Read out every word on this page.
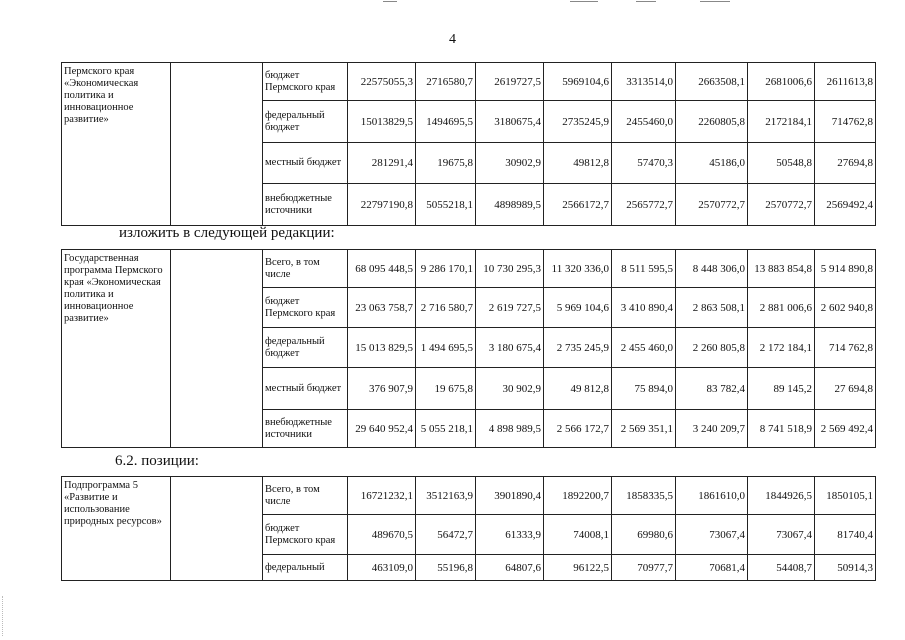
4
Пермского края «Экономическая политика и инновационное развитие»		бюджет Пермского края	22575055,3	2716580,7	2619727,5	5969104,6	3313514,0	2663508,1	2681006,6	2611613,8
		федеральный бюджет	15013829,5	1494695,5	3180675,4	2735245,9	2455460,0	2260805,8	2172184,1	714762,8
		местный бюджет	281291,4	19675,8	30902,9	49812,8	57470,3	45186,0	50548,8	27694,8
		внебюджетные источники	22797190,8	5055218,1	4898989,5	2566172,7	2565772,7	2570772,7	2570772,7	2569492,4
изложить в следующей редакции:
Государственная программа Пермского края «Экономическая политика и инновационное развитие»		Всего, в том числе	68 095 448,5	9 286 170,1	10 730 295,3	11 320 336,0	8 511 595,5	8 448 306,0	13 883 854,8	5 914 890,8
		бюджет Пермского края	23 063 758,7	2 716 580,7	2 619 727,5	5 969 104,6	3 410 890,4	2 863 508,1	2 881 006,6	2 602 940,8
		федеральный бюджет	15 013 829,5	1 494 695,5	3 180 675,4	2 735 245,9	2 455 460,0	2 260 805,8	2 172 184,1	714 762,8
		местный бюджет	376 907,9	19 675,8	30 902,9	49 812,8	75 894,0	83 782,4	89 145,2	27 694,8
		внебюджетные источники	29 640 952,4	5 055 218,1	4 898 989,5	2 566 172,7	2 569 351,1	3 240 209,7	8 741 518,9	2 569 492,4
6.2. позиции:
Подпрограмма 5 «Развитие и использование природных ресурсов»		Всего, в том числе	16721232,1	3512163,9	3901890,4	1892200,7	1858335,5	1861610,0	1844926,5	1850105,1
		бюджет Пермского края	489670,5	56472,7	61333,9	74008,1	69980,6	73067,4	73067,4	81740,4
		федеральный	463109,0	55196,8	64807,6	96122,5	70977,7	70681,4	54408,7	50914,3
